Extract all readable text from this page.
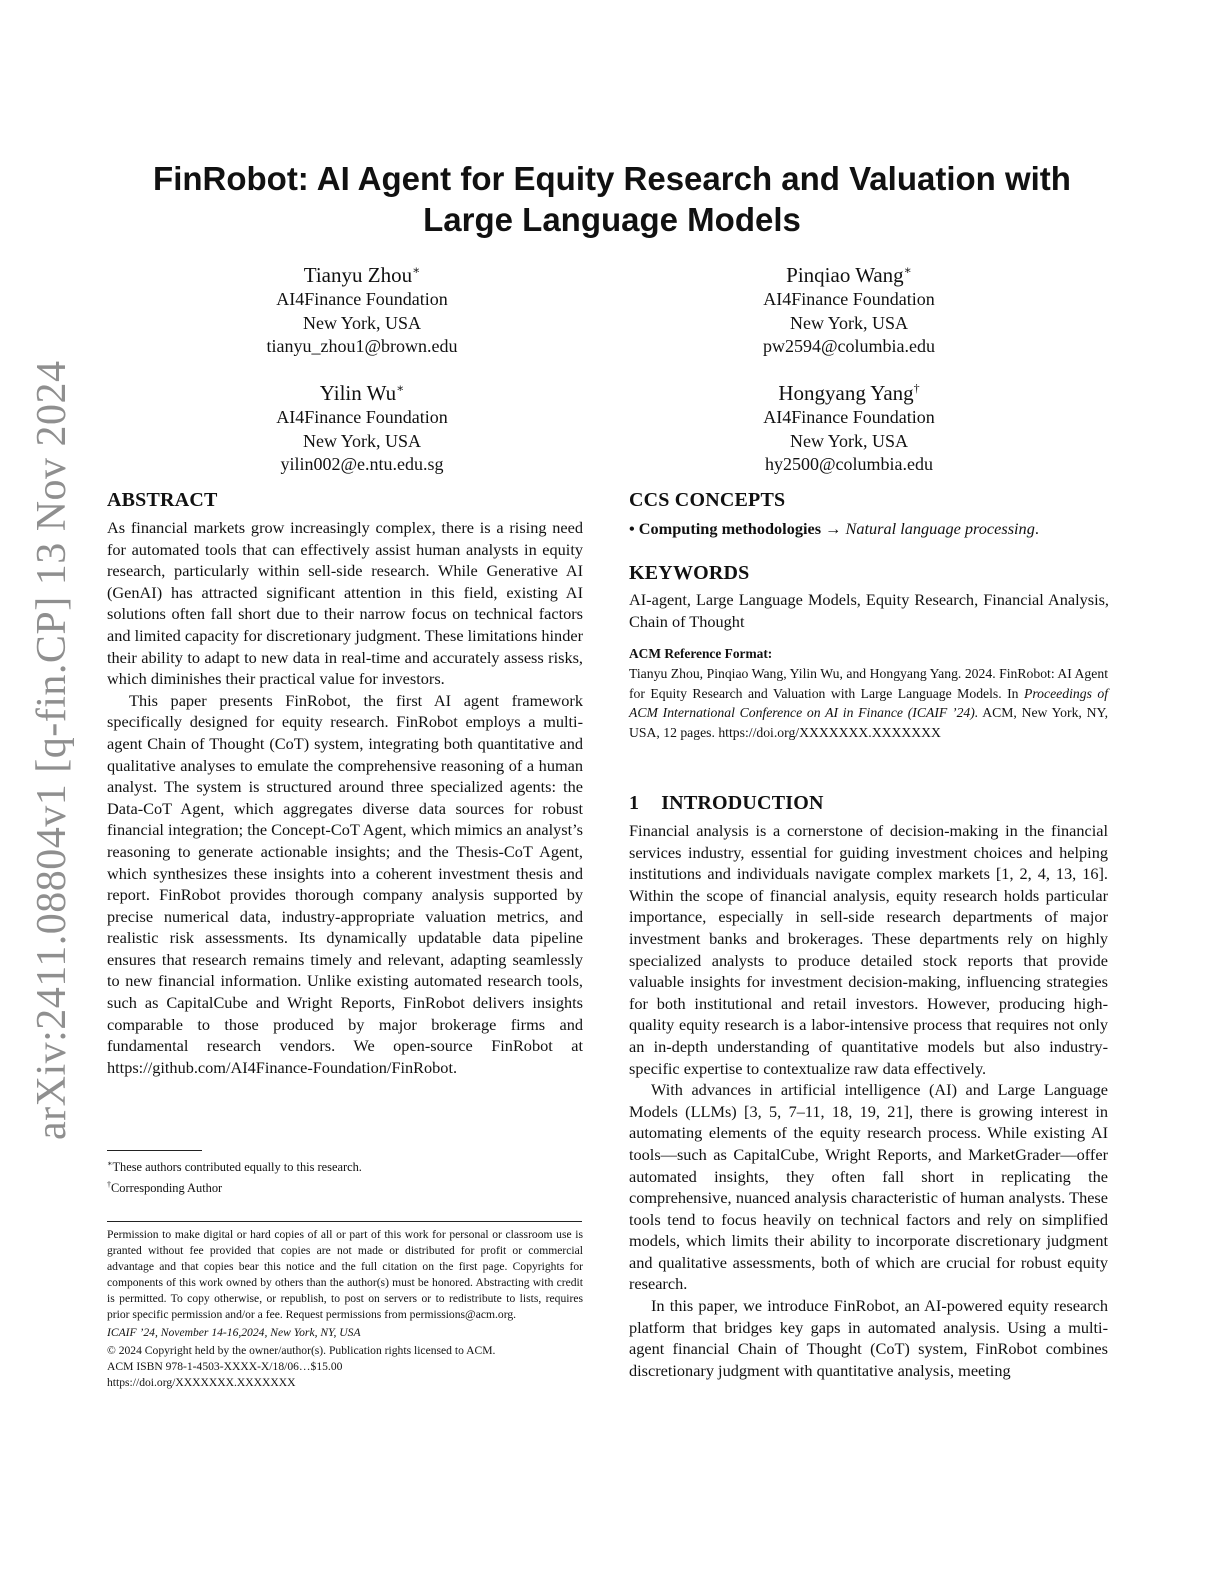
arXiv:2411.08804v1 [q-fin.CP] 13 Nov 2024
FinRobot: AI Agent for Equity Research and Valuation with
Large Language Models
Tianyu Zhou∗
AI4Finance Foundation
New York, USA
tianyu_zhou1@brown.edu
Pinqiao Wang∗
AI4Finance Foundation
New York, USA
pw2594@columbia.edu
Yilin Wu∗
AI4Finance Foundation
New York, USA
yilin002@e.ntu.edu.sg
Hongyang Yang†
AI4Finance Foundation
New York, USA
hy2500@columbia.edu
ABSTRACT

As financial markets grow increasingly complex, there is a rising need for automated tools that can effectively assist human analysts in equity research, particularly within sell-side research. While Generative AI (GenAI) has attracted significant attention in this field, existing AI solutions often fall short due to their narrow focus on technical factors and limited capacity for discretionary judgment. These limitations hinder their ability to adapt to new data in real-time and accurately assess risks, which diminishes their practical value for investors.

This paper presents FinRobot, the first AI agent framework specifically designed for equity research. FinRobot employs a multi-agent Chain of Thought (CoT) system, integrating both quantitative and qualitative analyses to emulate the comprehensive reasoning of a human analyst. The system is structured around three specialized agents: the Data-CoT Agent, which aggregates diverse data sources for robust financial integration; the Concept-CoT Agent, which mimics an analyst’s reasoning to generate actionable insights; and the Thesis-CoT Agent, which synthesizes these insights into a coherent investment thesis and report. FinRobot provides thorough company analysis supported by precise numerical data, industry-appropriate valuation metrics, and realistic risk assessments. Its dynamically updatable data pipeline ensures that research remains timely and relevant, adapting seamlessly to new financial information. Unlike existing automated research tools, such as CapitalCube and Wright Reports, FinRobot delivers insights comparable to those produced by major brokerage firms and fundamental research vendors. We open-source FinRobot at https://github.com/AI4Finance-Foundation/FinRobot.

∗These authors contributed equally to this research.
†Corresponding Author

Permission to make digital or hard copies of all or part of this work for personal or classroom use is granted without fee provided that copies are not made or distributed for profit or commercial advantage and that copies bear this notice and the full citation on the first page. Copyrights for components of this work owned by others than the author(s) must be honored. Abstracting with credit is permitted. To copy otherwise, or republish, to post on servers or to redistribute to lists, requires prior specific permission and/or a fee. Request permissions from permissions@acm.org.

ICAIF ’24, November 14-16,2024, New York, NY, USA

© 2024 Copyright held by the owner/author(s). Publication rights licensed to ACM.

ACM ISBN 978-1-4503-XXXX-X/18/06…$15.00

https://doi.org/XXXXXXX.XXXXXXX

CCS CONCEPTS
• Computing methodologies → Natural language processing.
KEYWORDS
AI-agent, Large Language Models, Equity Research, Financial Analysis, Chain of Thought
ACM Reference Format:
Tianyu Zhou, Pinqiao Wang, Yilin Wu, and Hongyang Yang. 2024. FinRobot: AI Agent for Equity Research and Valuation with Large Language Models. In Proceedings of ACM International Conference on AI in Finance (ICAIF ’24). ACM, New York, NY, USA, 12 pages. https://doi.org/XXXXXXX.XXXXXXX
1 INTRODUCTION

Financial analysis is a cornerstone of decision-making in the financial services industry, essential for guiding investment choices and helping institutions and individuals navigate complex markets [1, 2, 4, 13, 16]. Within the scope of financial analysis, equity research holds particular importance, especially in sell-side research departments of major investment banks and brokerages. These departments rely on highly specialized analysts to produce detailed stock reports that provide valuable insights for investment decision-making, influencing strategies for both institutional and retail investors. However, producing high-quality equity research is a labor-intensive process that requires not only an in-depth understanding of quantitative models but also industry-specific expertise to contextualize raw data effectively.

With advances in artificial intelligence (AI) and Large Language Models (LLMs) [3, 5, 7–11, 18, 19, 21], there is growing interest in automating elements of the equity research process. While existing AI tools—such as CapitalCube, Wright Reports, and MarketGrader—offer automated insights, they often fall short in replicating the comprehensive, nuanced analysis characteristic of human analysts. These tools tend to focus heavily on technical factors and rely on simplified models, which limits their ability to incorporate discretionary judgment and qualitative assessments, both of which are crucial for robust equity research.

In this paper, we introduce FinRobot, an AI-powered equity research platform that bridges key gaps in automated analysis. Using a multi-agent financial Chain of Thought (CoT) system, FinRobot combines discretionary judgment with quantitative analysis, meeting
